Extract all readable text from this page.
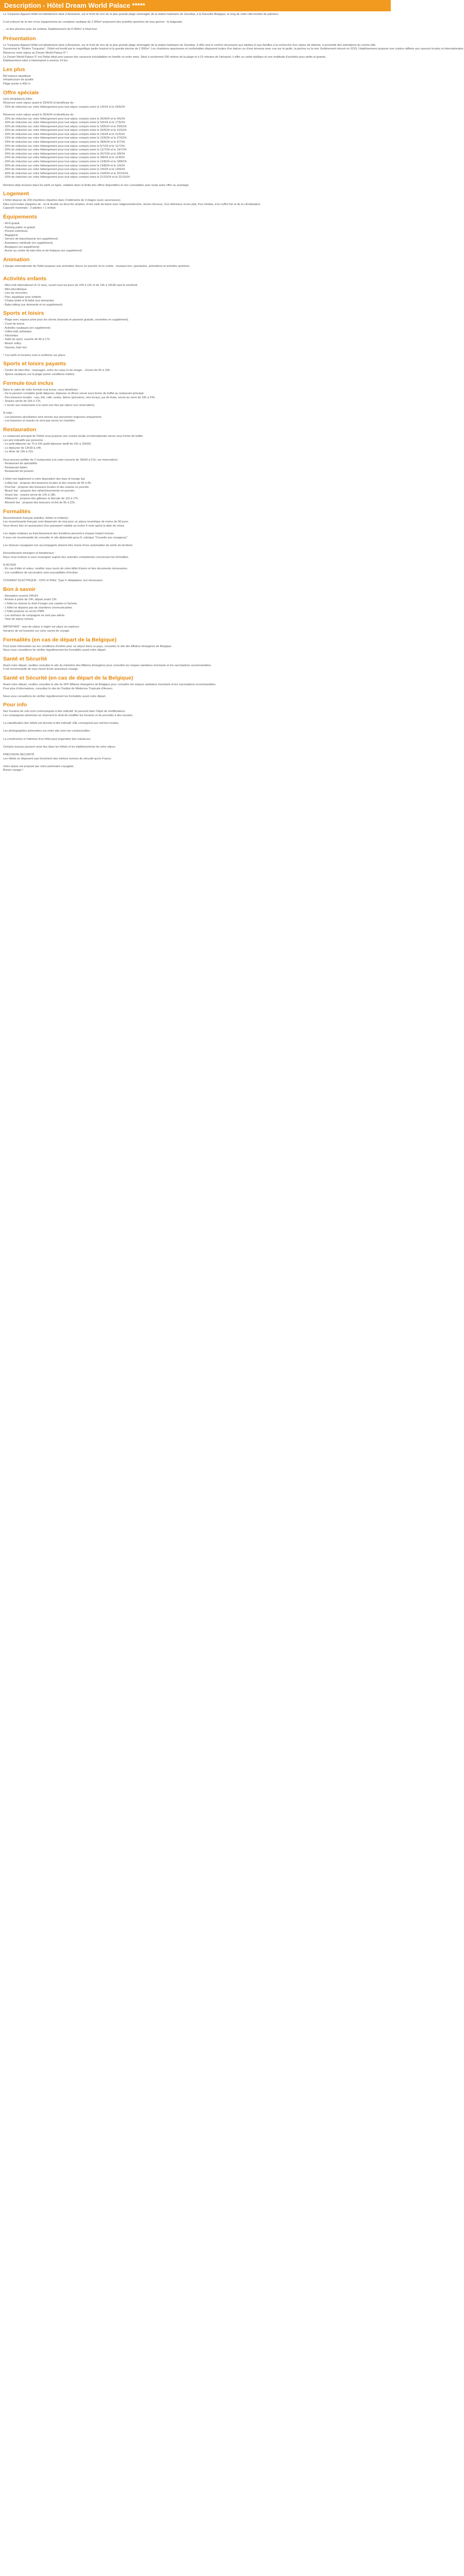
Description - Hôtel Dream World Palace *****

Le Turquoise Apparel Hôtel est idéalement situé à Amarante, sur le front de mer de la plus grande plage aménagée de la station balnéaire de Zanzibar, à la Nouvelle-Belgique, le long de cette côte bordée de palmiers.

Il est entouré de la mer et les équipements du complexe nautique de 2 000m² proposent des activités sportives de tous genres : la baignade,

... et des piscines pour les enfants. Établissement de 8 000m² à l'état brut.

Présentation
Le Turquoise Apparel Hôtel est idéalement situé à Amarante, sur le front de mer de la plus grande plage aménagée de la station balnéaire de Zanzibar. Il offre tout le confort nécessaire aux adultes et aux familles à la recherche d'un séjour de détente, à proximité des animations du centre-ville.
Surnommé le "Rivière Turquoise", l'hôtel est bordé par le magnifique jardin tropical et la grande piscine de 2 000m². Les chambres spacieuses et confortables disposent toutes d'un balcon ou d'une terrasse avec vue sur le jardin, la piscine ou la mer. Entièrement rénové en 2019, l'établissement propose une cuisine raffinée aux saveurs locales et internationales.
Réservez votre séjour au Dream World Palace 5* !
Le Dream World Palace 5* est l'hôtel idéal pour passer des vacances inoubliables en famille ou entre amis. Situé à seulement 200 mètres de la plage et à 15 minutes de l'aéroport, il offre un cadre idyllique et une multitude d'activités pour petits et grands.
Établissement situé à Hammamet à environ 14 km.
Les plus
Bel espace aquatique
Infrastructure de qualité
Plage privée à 400 m
Offre spéciale
SOS INVENDUS PRIX
Réservez votre séjour avant le 26/4/24 et bénéficiez de :
- 25% de réduction sur votre hébergement pour tout séjour compris entre le 1/6/24 et le 25/6/24.

Réservez votre séjour avant le 30/4/24 et bénéficiez de :
- 25% de réduction sur votre hébergement pour tout séjour compris entre le 26/4/24 et le 4/5/24.
- 30% de réduction sur votre hébergement pour tout séjour compris entre le 5/5/24 et le 17/5/24.
- 25% de réduction sur votre hébergement pour tout séjour compris entre le 18/5/24 et le 25/5/24.
- 25% de réduction sur votre hébergement pour tout séjour compris entre le 26/5/24 et le 31/5/24.
- 20% de réduction sur votre hébergement pour tout séjour compris entre le 1/6/24 et le 11/6/24.
- 15% de réduction sur votre hébergement pour tout séjour compris entre le 12/6/24 et le 27/6/24.
- 25% de réduction sur votre hébergement pour tout séjour compris entre le 28/6/24 et le 4/7/24.
- 25% de réduction sur votre hébergement pour tout séjour compris entre le 5/7/24 et le 11/7/24.
- 30% de réduction sur votre hébergement pour tout séjour compris entre le 12/7/24 et le 19/7/24.
- 25% de réduction sur votre hébergement pour tout séjour compris entre le 20/7/24 et le 3/8/24.
- 25% de réduction sur votre hébergement pour tout séjour compris entre le 4/8/24 et le 11/8/24.
- 20% de réduction sur votre hébergement pour tout séjour compris entre le 12/8/24 et le 18/8/24.
- 30% de réduction sur votre hébergement pour tout séjour compris entre le 19/8/24 et le 1/9/24.
- 25% de réduction sur votre hébergement pour tout séjour compris entre le 2/9/24 et le 13/9/24.
- 40% de réduction sur votre hébergement pour tout séjour compris entre le 14/9/24 et le 20/10/24.
- 30% de réduction sur votre hébergement pour tout séjour compris entre le 21/10/24 et le 31/10/24.

Remises déjà incluses dans les tarifs en ligne, valables dans la limite des offres disponibles et non cumulables avec toute autre offre ou avantage.
Logement
L'hôtel dispose de 200 chambres réparties dans 3 bâtiments de 3 étages (avec ascenseurs).
Elles sont toutes équipées de : un lit double ou deux lits simples, d'une salle de bains avec baignoire/douche, sèche-cheveux, d'un téléviseur écran plat, d'un minibar, d'un coffre-fort et de la climatisation.
Capacité maximale : 3 adultes + 1 enfant.
Équipements
- Wi-fi gratuit
- Parking public et gratuit
- Piscine extérieure
- Bagagerie
- Service de blanchisserie (en supplément)
- Assistance médicale (en supplément)
- Boutiques (en supplément)
- Accès au centre de bien-être et de thalasso (en supplément)
Animation
L'équipe internationale de l'hôtel propose une animation douce en journée et en soirée : musique live, spectacles, animations et activités sportives.

Activités enfants
- Mini-club international (4-12 ans), ouvert tous les jours de 10h à 12h et de 14h à 16h30 sauf le vendredi.
- Mini-discothèque
- Lieu de rencontre
- Parc aquatique pour enfants
- Chaise bébé et lit bébé (sur demande)
- Baby-sitting (sur demande et en supplément)
Sports et loisirs
- Plage avec espace privé pour les clients (transats et parasols gratuits, serviettes en supplément).
- Court de tennis
- Activités nautiques (en supplément)
- Volley-ball, pétanque
- Fléchettes
- Salle de sport, ouverte de 8h à 17h
- Beach volley
- Saunas, bain turc

* Les tarifs et horaires sont à confirmer sur place.
Sports et loisirs payants
- Centre de bien-être : massages, soins du corps et du visage... Ouvert de 9h à 19h.
- Sports nautiques sur la plage (selon conditions météo)
Formule tout inclus
Dans le cadre de votre formule tout inclus, vous bénéficiez :
- De la pension complète (petit-déjeuner, déjeuner et dîner) servie sous forme de buffet au restaurant principal.
- Des boissons locales : eau, thé, café, sodas, bières (pression), vins locaux, jus de fruits, servis au verre de 10h à 23h.
- Snacks servis de 15h à 17h.
- L'accès aux restaurants à la carte une fois par séjour (sur réservation).

À noter :
- Les boissons alcoolisées sont servies aux personnes majeures uniquement.
- Les boissons et snacks ne sont pas servis en chambre.
Restauration
Le restaurant principal de l'hôtel vous propose une cuisine locale et internationale servie sous forme de buffet.
Les prix indicatifs par personne :
- Le petit-déjeuner de 7h à 10h (petit déjeuner tardif de 10h à 10h30).
- Le déjeuner de 12h30 à 14h.
- Le dîner de 19h à 21h.

Vous pouvez profiter de 2 restaurants à la carte (ouverts de 18h30 à 21h, sur réservation) :
- Restaurant de spécialités
- Restaurant italien
- Restaurant de poisson

L'hôtel met également à votre disposition des bars et lounge bar.
- Lobby bar : propose des boissons locales et des snacks de 9h à 0h.
- Pool bar : propose des boissons locales et des snacks en journée.
- Beach bar : propose des rafraîchissements en journée.
- Snack bar : snacks servis de 12h à 18h.
- Pâtisserie : propose des gâteaux et biscuits de 11h à 17h.
- Moorish bar : propose des boissons et thé de 9h à 22h.
Formalités
Ressortissants français (adultes, bébés et enfants) :
Les ressortissants français sont dispensés de visa pour un séjour touristique de moins de 90 jours.
Vous devez être en possession d'un passeport valable au moins 6 mois après la date de retour.

Les règles relatives au franchissement des frontières peuvent à chaque instant évoluer.
Il vous est recommandé de consulter le site diplomatie.gouv.fr, rubrique "Conseils aux voyageurs".

Les mineurs voyageant non accompagnés doivent être munis d'une autorisation de sortie du territoire.

Ressortissants étrangers et binationaux :
Nous vous invitons à vous renseigner auprès des autorités compétentes concernant les formalités.

À NOTER
- En cas d'aller et retour, veuillez vous munir de votre billet d'avion et des documents nécessaires.
- Les conditions de vaccination sont susceptibles d'évoluer.

COURANT ÉLECTRIQUE : 220V et 50Hz. Type F. Adaptateur non nécessaire.
Bon à savoir
- Réception ouverte 24h/24.
- Arrivée à partir de 14h, départ avant 12h.
- L'hôtel se réserve le droit d'exiger une caution à l'arrivée.
- L'hôtel ne dispose pas de chambres communicantes.
- L'hôtel propose un accès PMR.
- Les animaux de compagnie ne sont pas admis.
- Taxe de séjour incluse.

IMPORTANT : taxe de séjour à régler sur place en espèces.
Horaires de vol transmis sur votre carnet de voyage.
Formalités (en cas de départ de la Belgique)
Pour toute information sur les conditions d'entrée pour un séjour dans ce pays, consultez le site des Affaires étrangères de Belgique.
Nous vous conseillons de vérifier régulièrement les formalités avant votre départ.
Santé et Sécurité
Avant votre départ, veuillez consulter le site du ministère des Affaires étrangères pour connaître les risques sanitaires éventuels et les vaccinations recommandées.
Il est recommandé de vous munir d'une assurance voyage.
Santé et Sécurité (en cas de départ de la Belgique)
Avant votre départ, veuillez consulter le site du SPF Affaires étrangères de Belgique pour connaître les risques sanitaires éventuels et les vaccinations recommandées.
Pour plus d'informations, consultez le site de l'Institut de Médecine Tropicale d'Anvers.

Nous vous conseillons de vérifier régulièrement les formalités avant votre départ.
Pour info
Nos horaires de vols sont communiqués à titre indicatif. Ils peuvent faire l'objet de modifications.
Les compagnies aériennes se réservent le droit de modifier les horaires et de procéder à des escales.

La classification des hôtels est donnée à titre indicatif. Elle correspond aux normes locales.

Les photographies présentées sur notre site sont non contractuelles.

La construction à l'intérieur d'un hôtel peut engendrer des nuisances.

Certains travaux peuvent avoir lieu dans les hôtels et les établissements de votre séjour.

PRÉCISION SÉCURITÉ
Les hôtels ne disposent pas forcément des mêmes normes de sécurité qu'en France.

Votre séjour est proposé par notre partenaire voyagiste.
Bonne voyage !
